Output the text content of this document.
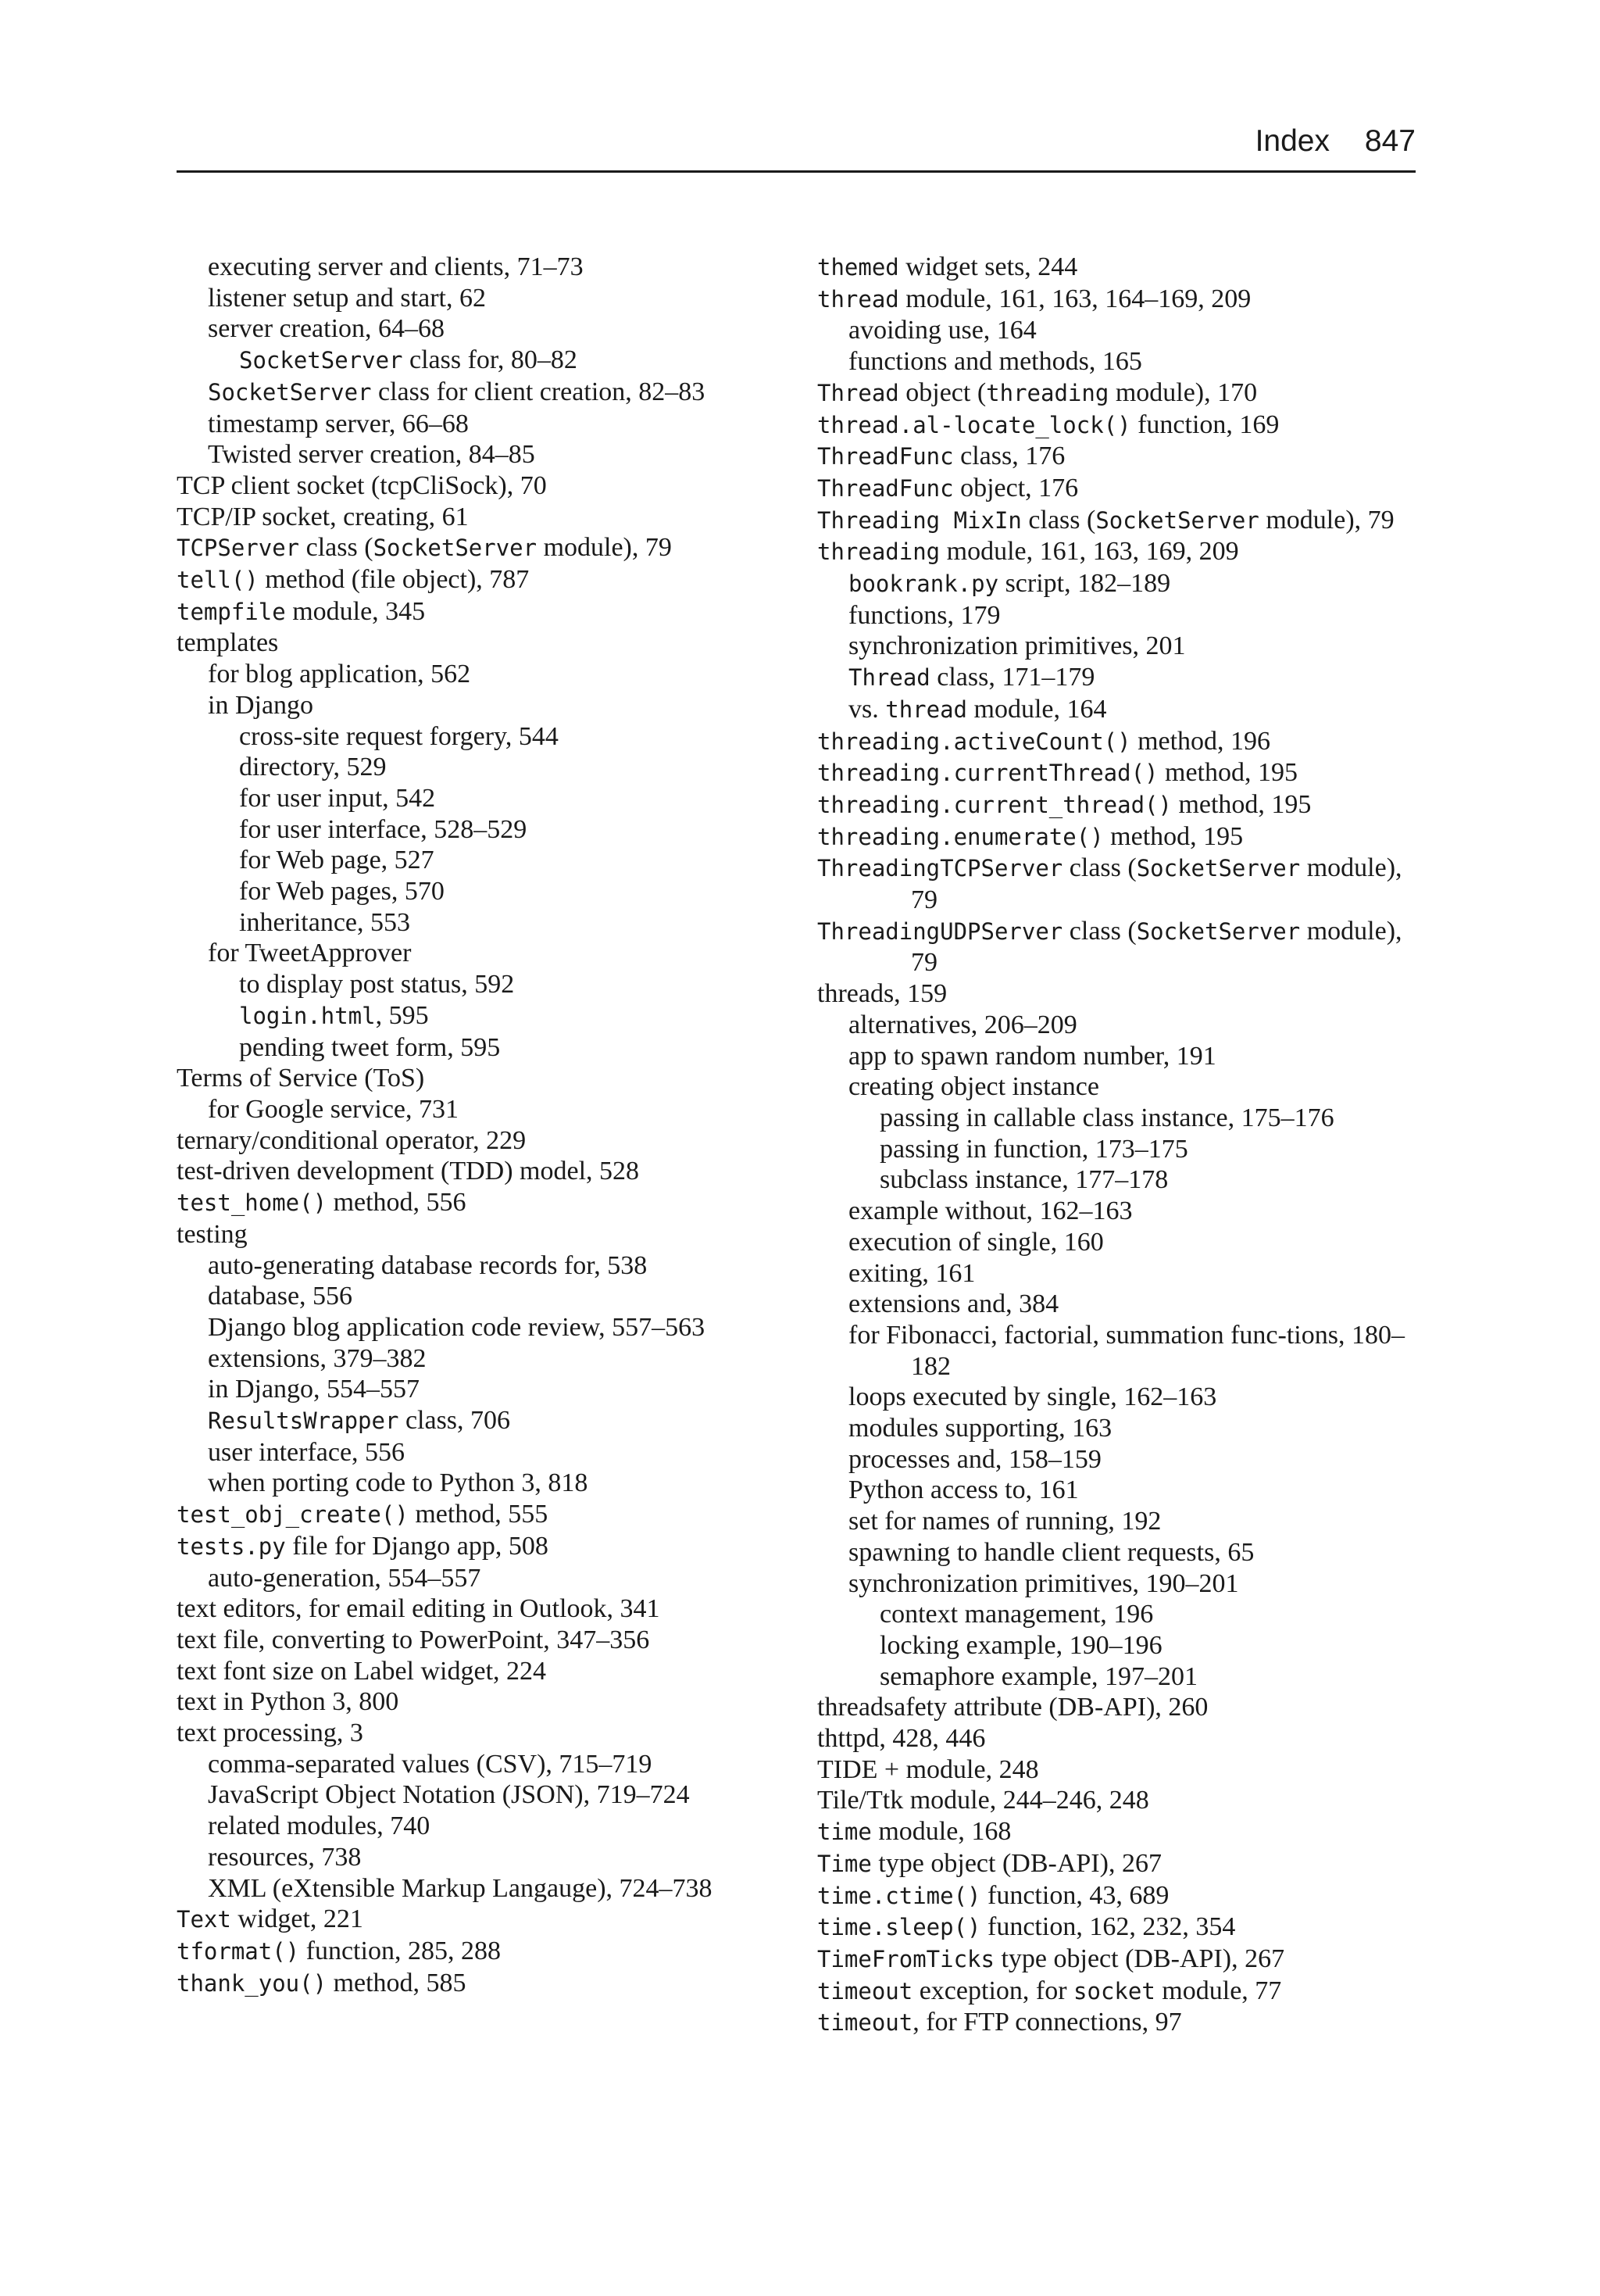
Index 847
executing server and clients, 71–73
listener setup and start, 62
server creation, 64–68
SocketServer class for, 80–82
SocketServer class for client creation, 82–83
timestamp server, 66–68
Twisted server creation, 84–85
TCP client socket (tcpCliSock), 70
TCP/IP socket, creating, 61
TCPServer class (SocketServer module), 79
tell() method (file object), 787
tempfile module, 345
templates
for blog application, 562
in Django
cross-site request forgery, 544
directory, 529
for user input, 542
for user interface, 528–529
for Web page, 527
for Web pages, 570
inheritance, 553
for TweetApprover
to display post status, 592
login.html, 595
pending tweet form, 595
Terms of Service (ToS)
for Google service, 731
ternary/conditional operator, 229
test-driven development (TDD) model, 528
test_home() method, 556
testing
auto-generating database records for, 538
database, 556
Django blog application code review, 557–563
extensions, 379–382
in Django, 554–557
ResultsWrapper class, 706
user interface, 556
when porting code to Python 3, 818
test_obj_create() method, 555
tests.py file for Django app, 508
auto-generation, 554–557
text editors, for email editing in Outlook, 341
text file, converting to PowerPoint, 347–356
text font size on Label widget, 224
text in Python 3, 800
text processing, 3
comma-separated values (CSV), 715–719
JavaScript Object Notation (JSON), 719–724
related modules, 740
resources, 738
XML (eXtensible Markup Langauge), 724–738
Text widget, 221
tformat() function, 285, 288
thank_you() method, 585
themed widget sets, 244
thread module, 161, 163, 164–169, 209
avoiding use, 164
functions and methods, 165
Thread object (threading module), 170
thread.al-locate_lock() function, 169
ThreadFunc class, 176
ThreadFunc object, 176
Threading MixIn class (SocketServer module), 79
threading module, 161, 163, 169, 209
bookrank.py script, 182–189
functions, 179
synchronization primitives, 201
Thread class, 171–179
vs. thread module, 164
threading.activeCount() method, 196
threading.currentThread() method, 195
threading.current_thread() method, 195
threading.enumerate() method, 195
ThreadingTCPServer class (SocketServer module), 79
ThreadingUDPServer class (SocketServer module), 79
threads, 159
alternatives, 206–209
app to spawn random number, 191
creating object instance
passing in callable class instance, 175–176
passing in function, 173–175
subclass instance, 177–178
example without, 162–163
execution of single, 160
exiting, 161
extensions and, 384
for Fibonacci, factorial, summation func-tions, 180–182
loops executed by single, 162–163
modules supporting, 163
processes and, 158–159
Python access to, 161
set for names of running, 192
spawning to handle client requests, 65
synchronization primitives, 190–201
context management, 196
locking example, 190–196
semaphore example, 197–201
threadsafety attribute (DB-API), 260
thttpd, 428, 446
TIDE + module, 248
Tile/Ttk module, 244–246, 248
time module, 168
Time type object (DB-API), 267
time.ctime() function, 43, 689
time.sleep() function, 162, 232, 354
TimeFromTicks type object (DB-API), 267
timeout exception, for socket module, 77
timeout, for FTP connections, 97
